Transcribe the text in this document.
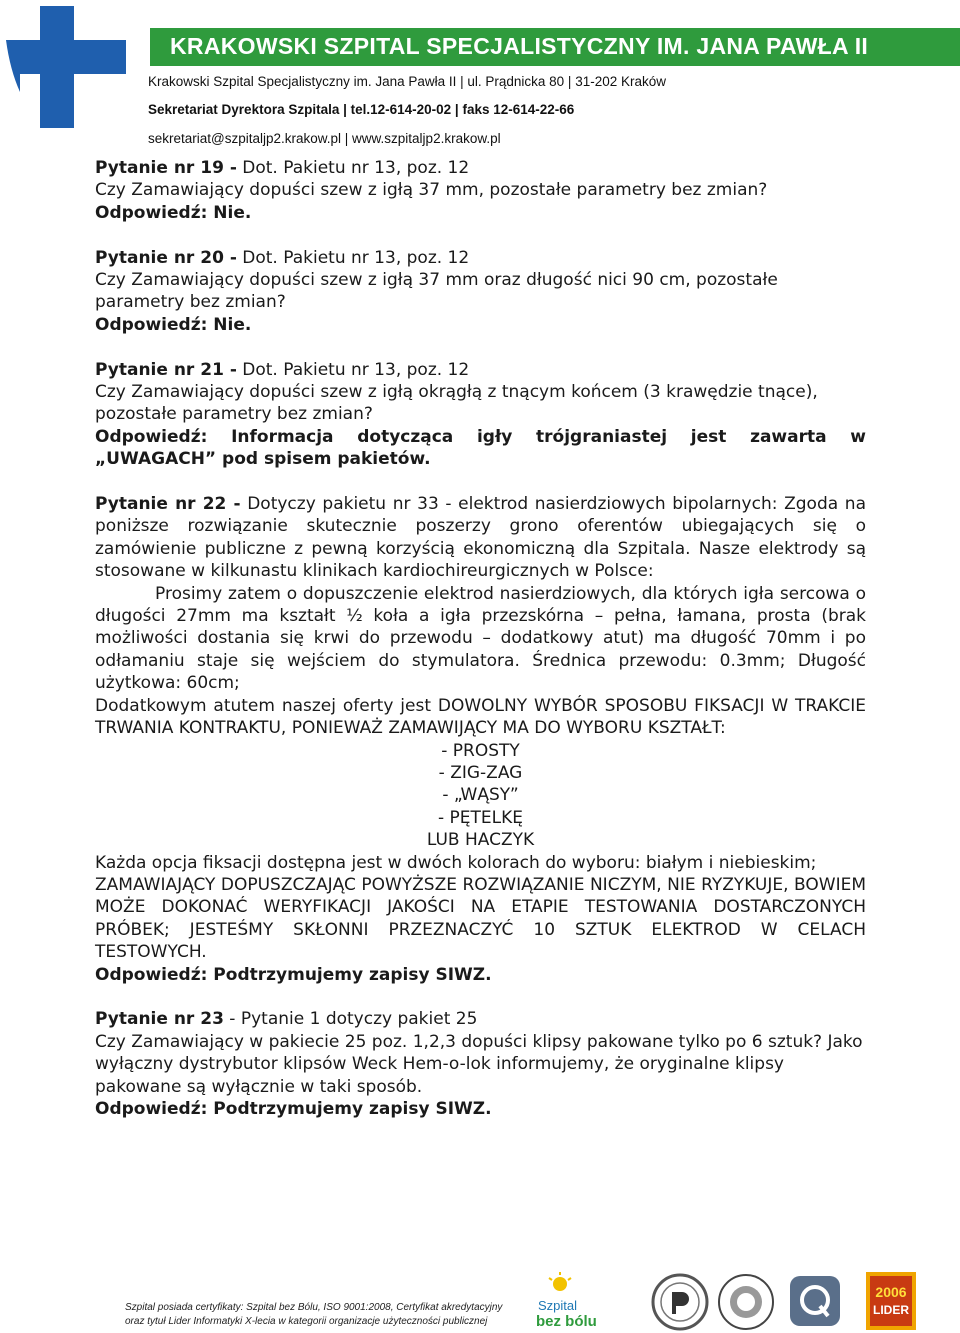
KRAKOWSKI SZPITAL SPECJALISTYCZNY IM. JANA PAWŁA II
Krakowski Szpital Specjalistyczny im. Jana Pawła II | ul. Prądnicka 80 | 31-202 Kraków
Sekretariat Dyrektora Szpitala | tel.12-614-20-02 | faks 12-614-22-66
sekretariat@szpitaljp2.krakow.pl | www.szpitaljp2.krakow.pl

Pytanie nr 19 - Dot. Pakietu nr 13, poz. 12

Czy Zamawiający dopuści szew z igłą 37 mm, pozostałe parametry bez zmian?

Odpowiedź: Nie.

Pytanie nr 20 - Dot. Pakietu nr 13, poz. 12

Czy Zamawiający dopuści szew z igłą 37 mm oraz długość nici 90 cm, pozostałe parametry bez zmian?

Odpowiedź: Nie.

Pytanie nr 21 - Dot. Pakietu nr 13, poz. 12

Czy Zamawiający dopuści szew z igłą okrągłą z tnącym końcem (3 krawędzie tnące), pozostałe parametry bez zmian?

Odpowiedź: Informacja dotycząca igły trójgraniastej jest zawarta w „UWAGACH” pod spisem pakietów.

Pytanie nr 22 - Dotyczy pakietu nr 33 - elektrod nasierdziowych bipolarnych: Zgoda na poniższe rozwiązanie skutecznie poszerzy grono oferentów ubiegających się o zamówienie publiczne z pewną korzyścią ekonomiczną dla Szpitala. Nasze elektrody są stosowane w kilkunastu klinikach kardiochireurgicznych w Polsce:

Prosimy zatem o dopuszczenie elektrod nasierdziowych, dla których igła sercowa o długości 27mm ma kształt ½ koła a igła przezskórna – pełna, łamana, prosta (brak możliwości dostania się krwi do przewodu – dodatkowy atut) ma długość 70mm i po odłamaniu staje się wejściem do stymulatora. Średnica przewodu: 0.3mm; Długość użytkowa: 60cm;

Dodatkowym atutem naszej oferty jest DOWOLNY WYBÓR SPOSOBU FIKSACJI W TRAKCIE TRWANIA KONTRAKTU, PONIEWAŻ ZAMAWIJĄCY MA DO WYBORU KSZTAŁT:

- PROSTY

- ZIG-ZAG

- „WĄSY”

- PĘTELKĘ

LUB HACZYK

Każda opcja fiksacji dostępna jest w dwóch kolorach do wyboru: białym i niebieskim;

ZAMAWIAJĄCY DOPUSZCZAJĄC POWYŻSZE ROZWIĄZANIE NICZYM, NIE RYZYKUJE, BOWIEM MOŻE DOKONAĆ WERYFIKACJI JAKOŚCI NA ETAPIE TESTOWANIA DOSTARCZONYCH PRÓBEK; JESTEŚMY SKŁONNI PRZEZNACZYĆ 10 SZTUK ELEKTROD W CELACH TESTOWYCH.

Odpowiedź: Podtrzymujemy zapisy SIWZ.

Pytanie nr 23 - Pytanie 1 dotyczy pakiet 25

Czy Zamawiający w pakiecie 25 poz. 1,2,3 dopuści klipsy pakowane tylko po 6 sztuk? Jako wyłączny dystrybutor klipsów Weck Hem-o-lok informujemy, że oryginalne klipsy pakowane są wyłącznie w taki sposób.

Odpowiedź: Podtrzymujemy zapisy SIWZ.

Szpital posiada certyfikaty: Szpital bez Bólu, ISO 9001:2008, Certyfikat akredytacyjny
oraz tytuł Lider Informatyki X-lecia w kategorii organizacje użyteczności publicznej
Szpital
bez bólu
2006
LIDER
